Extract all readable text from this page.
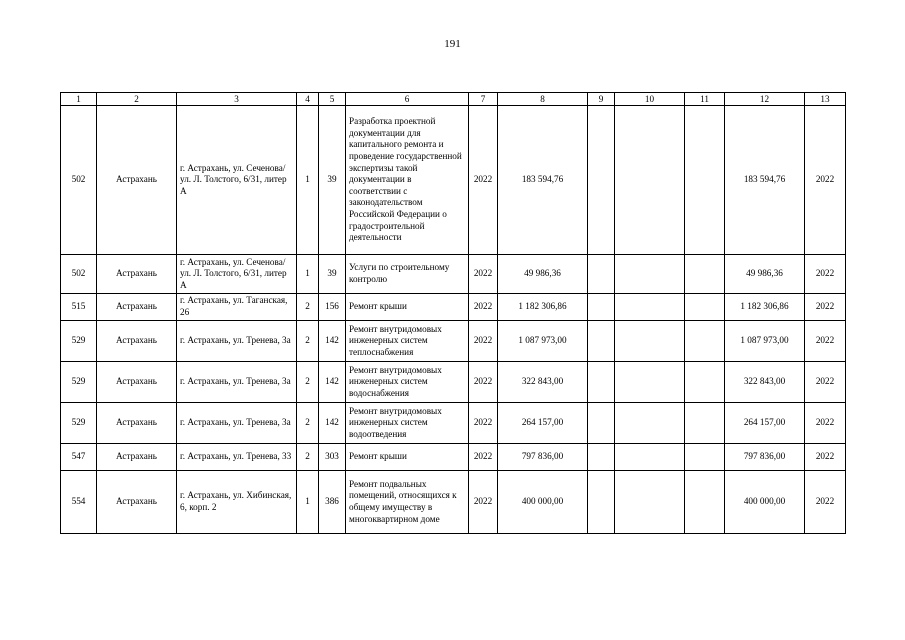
191
1	2	3	4	5	6	7	8	9	10	11	12	13
502	Астрахань	г. Астрахань, ул. Сеченова/ ул. Л. Толстого, 6/31, литер А	1	39	Разработка проектной документации для капитального ремонта и проведение государственной экспертизы такой документации в соответствии с законодательством Российской Федерации о градостроительной деятельности	2022	183 594,76				183 594,76	2022
502	Астрахань	г. Астрахань, ул. Сеченова/ ул. Л. Толстого, 6/31, литер А	1	39	Услуги по строительному контролю	2022	49 986,36				49 986,36	2022
515	Астрахань	г. Астрахань, ул. Таганская, 26	2	156	Ремонт крыши	2022	1 182 306,86				1 182 306,86	2022
529	Астрахань	г. Астрахань, ул. Тренева, 3а	2	142	Ремонт внутридомовых инженерных систем теплоснабжения	2022	1 087 973,00				1 087 973,00	2022
529	Астрахань	г. Астрахань, ул. Тренева, 3а	2	142	Ремонт внутридомовых инженерных систем водоснабжения	2022	322 843,00				322 843,00	2022
529	Астрахань	г. Астрахань, ул. Тренева, 3а	2	142	Ремонт внутридомовых инженерных систем водоотведения	2022	264 157,00				264 157,00	2022
547	Астрахань	г. Астрахань, ул. Тренева, 33	2	303	Ремонт крыши	2022	797 836,00				797 836,00	2022
554	Астрахань	г. Астрахань, ул. Хибинская, 6, корп. 2	1	386	Ремонт подвальных помещений, относящихся к общему имуществу в многоквартирном доме	2022	400 000,00				400 000,00	2022
